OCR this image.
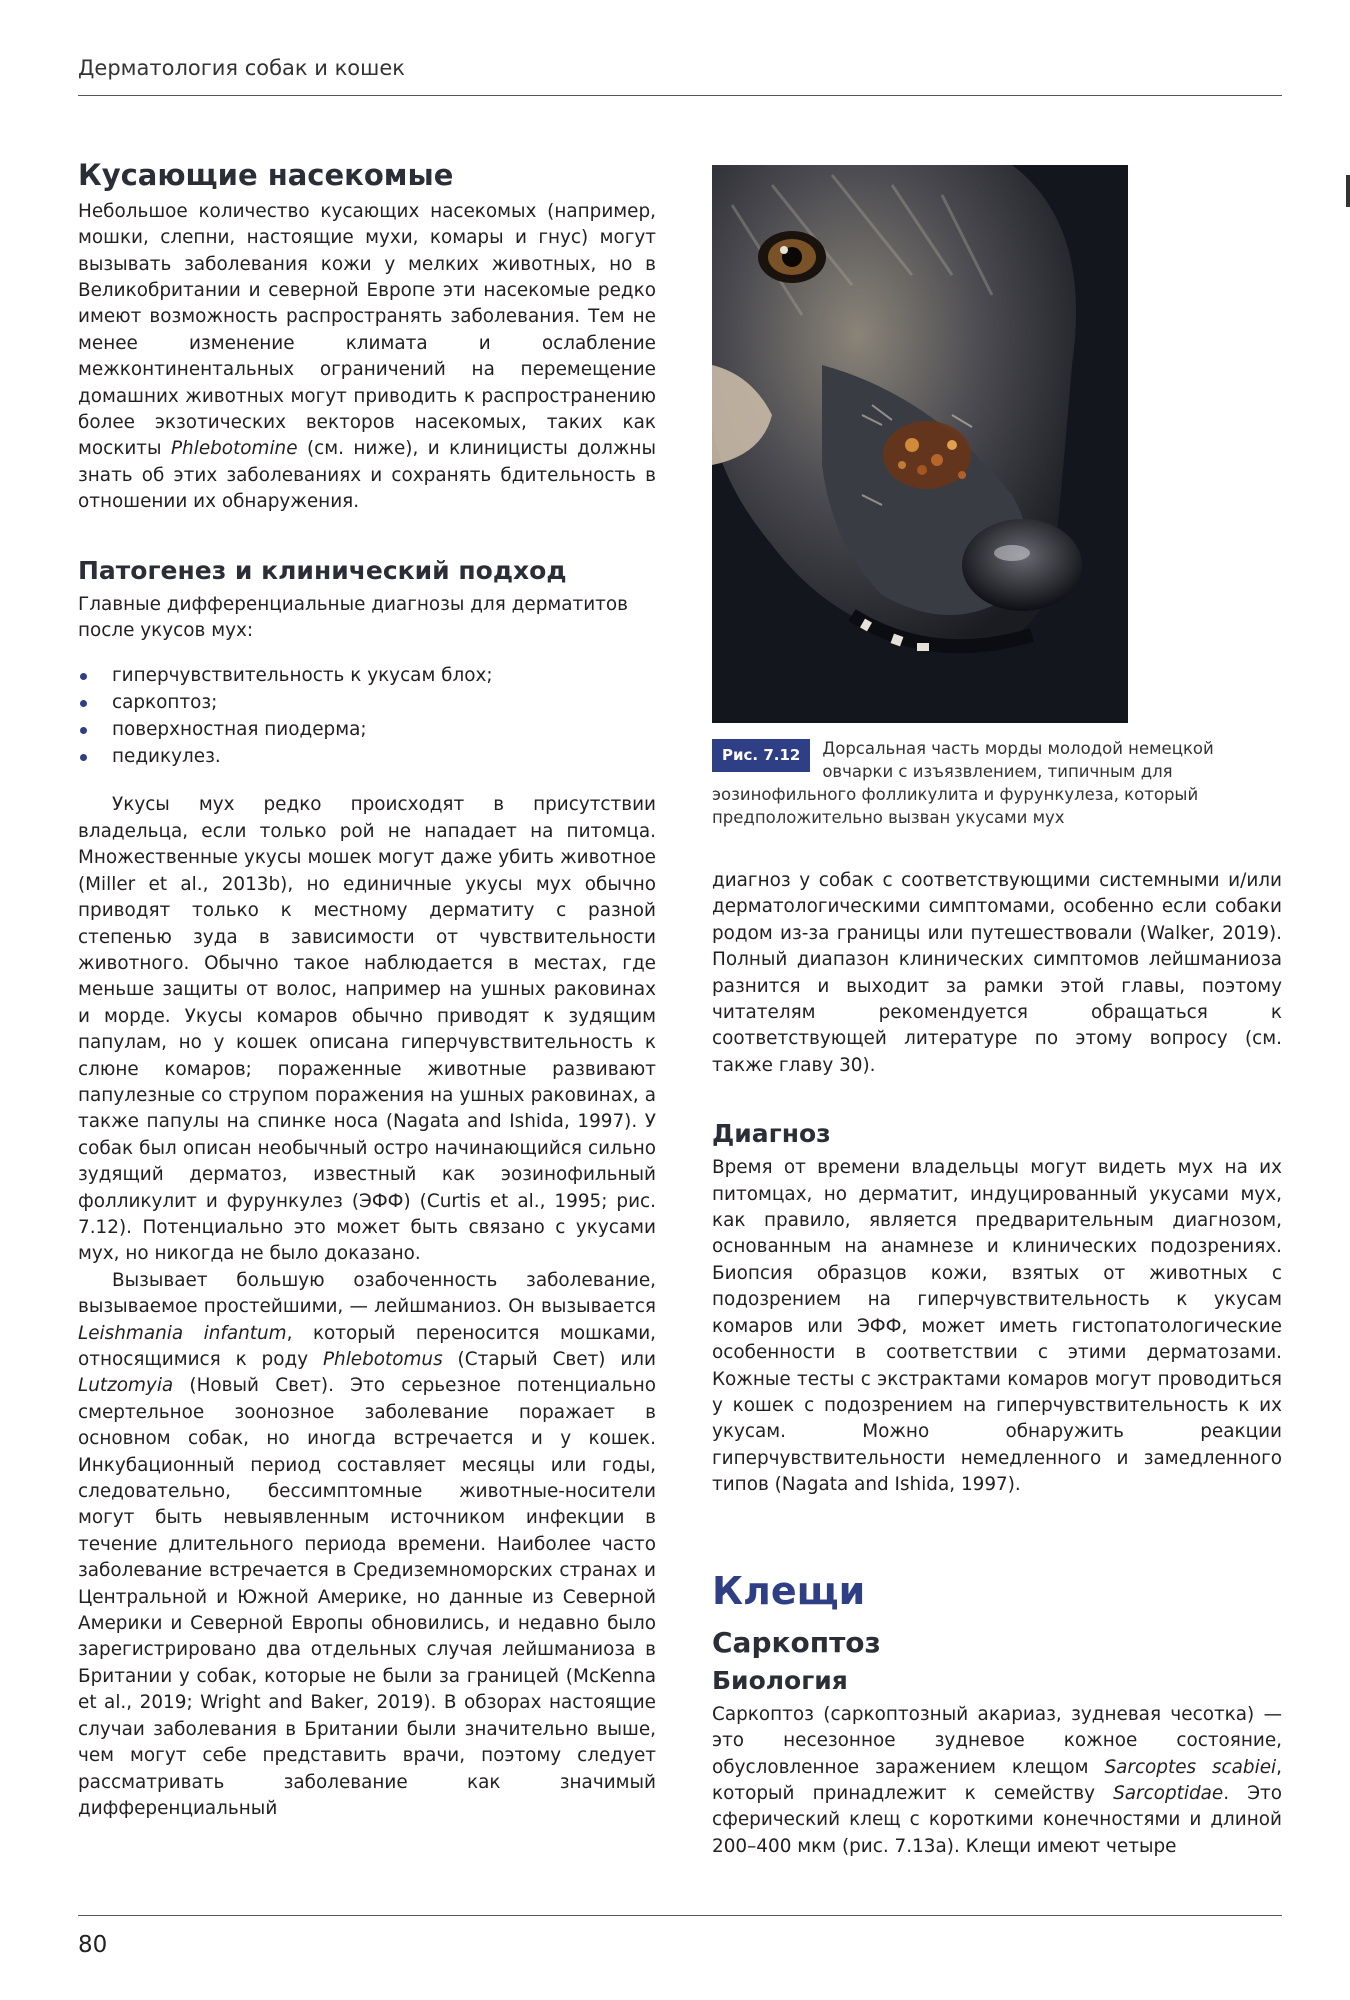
Дерматология собак и кошек
Кусающие насекомые

Небольшое количество кусающих насекомых (например, мошки, слепни, настоящие мухи, комары и гнус) могут вызывать заболевания кожи у мелких животных, но в Великобритании и северной Европе эти насекомые редко имеют возможность распространять заболевания. Тем не менее изменение климата и ослабление межконтинентальных ограничений на перемещение домашних животных могут приводить к распространению более экзотических векторов насекомых, таких как москиты Phlebotomine (см. ниже), и клиницисты должны знать об этих заболеваниях и сохранять бдительность в отношении их обнаружения.

Патогенез и клинический подход

Главные дифференциальные диагнозы для дерматитов после укусов мух:

гиперчувствительность к укусам блох;
саркоптоз;
поверхностная пиодерма;
педикулез.

Укусы мух редко происходят в присутствии владельца, если только рой не нападает на питомца. Множественные укусы мошек могут даже убить животное (Miller et al., 2013b), но единичные укусы мух обычно приводят только к местному дерматиту с разной степенью зуда в зависимости от чувствительности животного. Обычно такое наблюдается в местах, где меньше защиты от волос, например на ушных раковинах и морде. Укусы комаров обычно приводят к зудящим папулам, но у кошек описана гиперчувствительность к слюне комаров; пораженные животные развивают папулезные со струпом поражения на ушных раковинах, а также папулы на спинке носа (Nagata and Ishida, 1997). У собак был описан необычный остро начинающийся сильно зудящий дерматоз, известный как эозинофильный фолликулит и фурункулез (ЭФФ) (Curtis et al., 1995; рис. 7.12). Потенциально это может быть связано с укусами мух, но никогда не было доказано.

Вызывает большую озабоченность заболевание, вызываемое простейшими, — лейшманиоз. Он вызывается Leishmania infantum, который переносится мошками, относящимися к роду Phlebotomus (Старый Свет) или Lutzomyia (Новый Свет). Это серьезное потенциально смертельное зоонозное заболевание поражает в основном собак, но иногда встречается и у кошек. Инкубационный период составляет месяцы или годы, следовательно, бессимптомные животные-носители могут быть невыявленным источником инфекции в течение длительного периода времени. Наиболее часто заболевание встречается в Средиземноморских странах и Центральной и Южной Америке, но данные из Северной Америки и Северной Европы обновились, и недавно было зарегистрировано два отдельных случая лейшманиоза в Британии у собак, которые не были за границей (McKenna et al., 2019; Wright and Baker, 2019). В обзорах настоящие случаи заболевания в Британии были значительно выше, чем могут себе представить врачи, поэтому следует рассматривать заболевание как значимый дифференциальный

Рис. 7.12	Дорсальная часть морды молодой немецкой овчарки с изъязвлением, типичным для эозинофильного фолликулита и фурункулеза, который предположительно вызван укусами мух

диагноз у собак с соответствующими системными и/или дерматологическими симптомами, особенно если собаки родом из-за границы или путешествовали (Walker, 2019). Полный диапазон клинических симптомов лейшманиоза разнится и выходит за рамки этой главы, поэтому читателям рекомендуется обращаться к соответствующей литературе по этому вопросу (см. также главу 30).

Диагноз

Время от времени владельцы могут видеть мух на их питомцах, но дерматит, индуцированный укусами мух, как правило, является предварительным диагнозом, основанным на анамнезе и клинических подозрениях. Биопсия образцов кожи, взятых от животных с подозрением на гиперчувствительность к укусам комаров или ЭФФ, может иметь гистопатологические особенности в соответствии с этими дерматозами. Кожные тесты с экстрактами комаров могут проводиться у кошек с подозрением на гиперчувствительность к их укусам. Можно обнаружить реакции гиперчувствительности немедленного и замедленного типов (Nagata and Ishida, 1997).

Клещи
Саркоптоз
Биология

Саркоптоз (саркоптозный акариаз, зудневая чесотка) — это несезонное зудневое кожное состояние, обусловленное заражением клещом Sarcoptes scabiei, который принадлежит к семейству Sarcoptidae. Это сферический клещ с короткими конечностями и длиной 200–400 мкм (рис. 7.13а). Клещи имеют четыре

80
